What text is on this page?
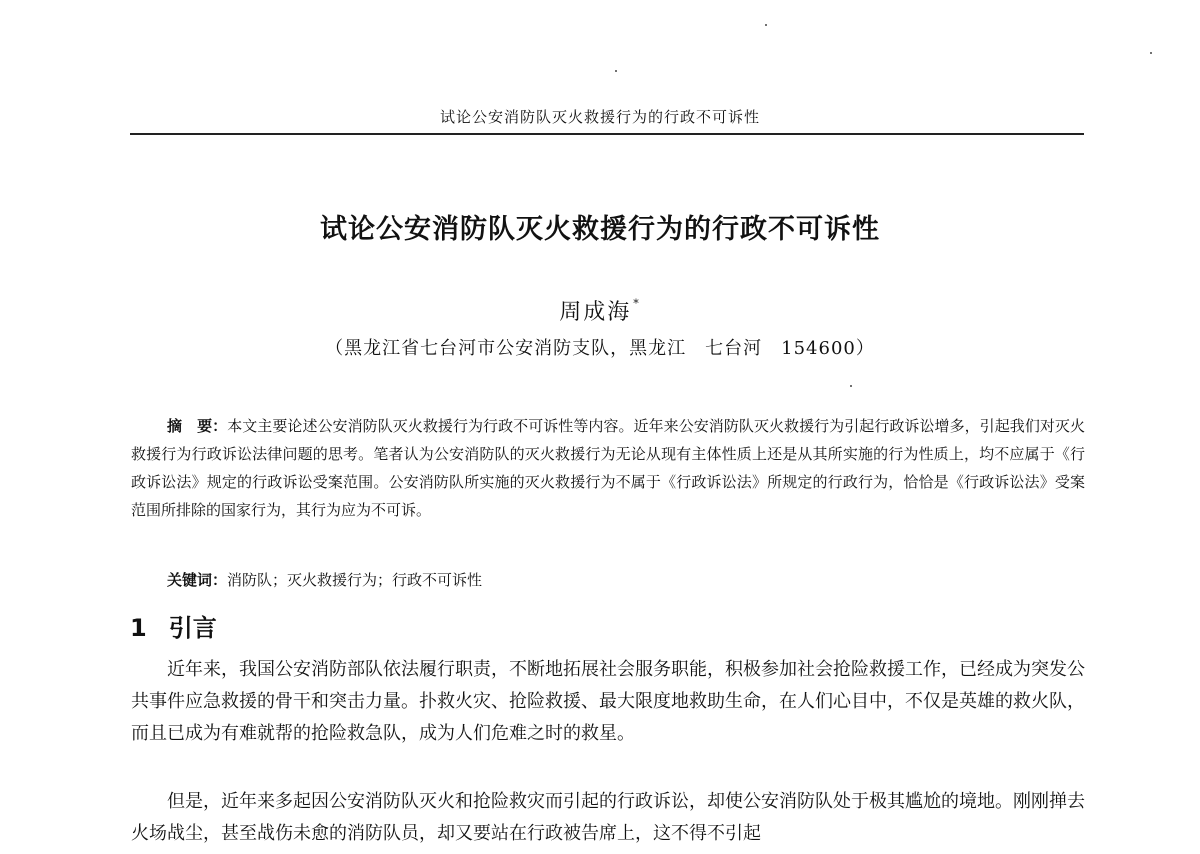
试论公安消防队灭火救援行为的行政不可诉性
试论公安消防队灭火救援行为的行政不可诉性
周成海 *
（黑龙江省七台河市公安消防支队，黑龙江　七台河　154600）
摘　要：本文主要论述公安消防队灭火救援行为行政不可诉性等内容。近年来公安消防队灭火救援行为引起行政诉讼增多，引起我们对灭火救援行为行政诉讼法律问题的思考。笔者认为公安消防队的灭火救援行为无论从现有主体性质上还是从其所实施的行为性质上，均不应属于《行政诉讼法》规定的行政诉讼受案范围。公安消防队所实施的灭火救援行为不属于《行政诉讼法》所规定的行政行为，恰恰是《行政诉讼法》受案范围所排除的国家行为，其行为应为不可诉。
关键词：消防队；灭火救援行为；行政不可诉性
1 引言

近年来，我国公安消防部队依法履行职责，不断地拓展社会服务职能，积极参加社会抢险救援工作，已经成为突发公共事件应急救援的骨干和突击力量。扑救火灾、抢险救援、最大限度地救助生命，在人们心目中，不仅是英雄的救火队，而且已成为有难就帮的抢险救急队，成为人们危难之时的救星。

但是，近年来多起因公安消防队灭火和抢险救灾而引起的行政诉讼，却使公安消防队处于极其尴尬的境地。刚刚掸去火场战尘，甚至战伤未愈的消防队员，却又要站在行政被告席上，这不得不引起
